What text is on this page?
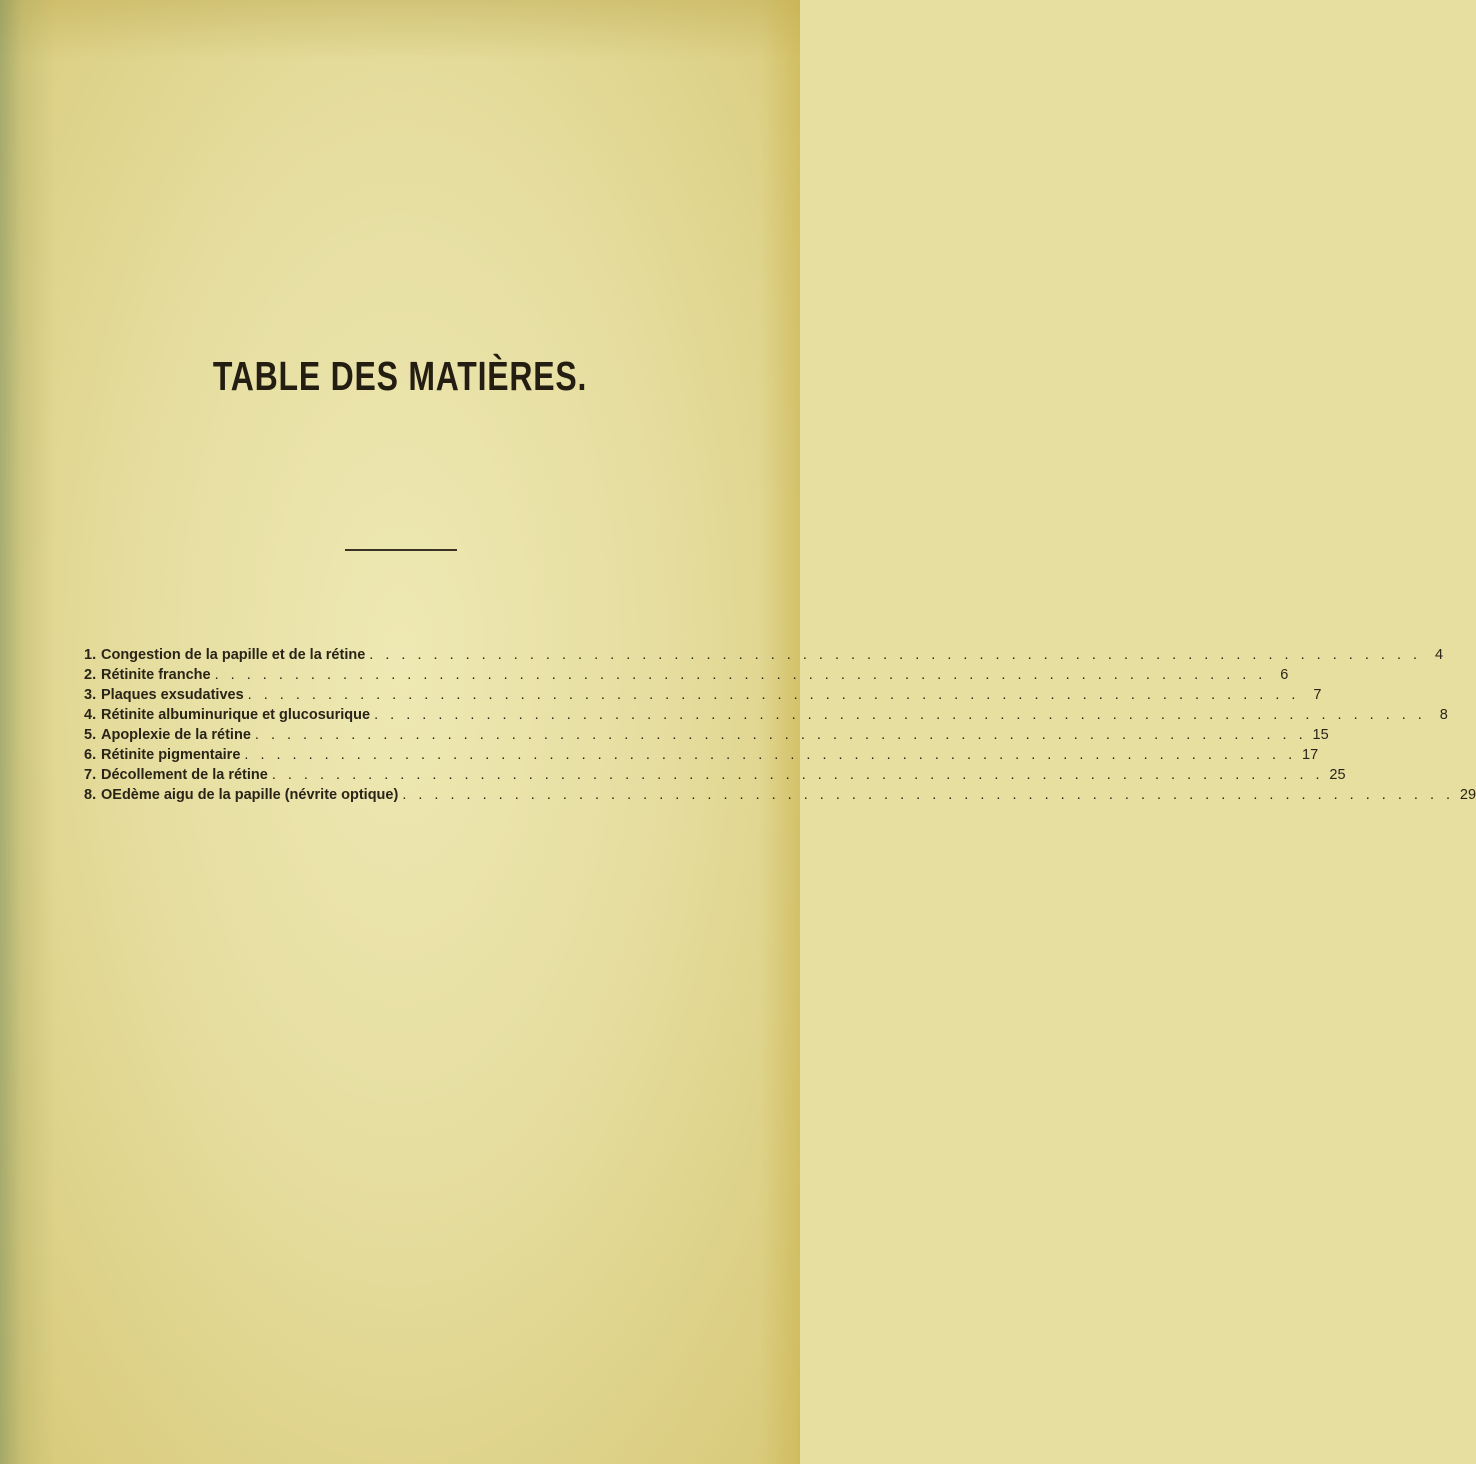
TABLE DES MATIÈRES.
1. Congestion de la papille et de la rétine . . .	4
2. Rétinite franche . . .	6
3. Plaques exsudatives . . .	7
4. Rétinite albuminurique et glucosurique . . .	8
5. Apoplexie de la rétine . . .	15
6. Rétinite pigmentaire . . .	17
7. Décollement de la rétine . . .	25
8. OEdème aigu de la papille (névrite optique) . . .	29
